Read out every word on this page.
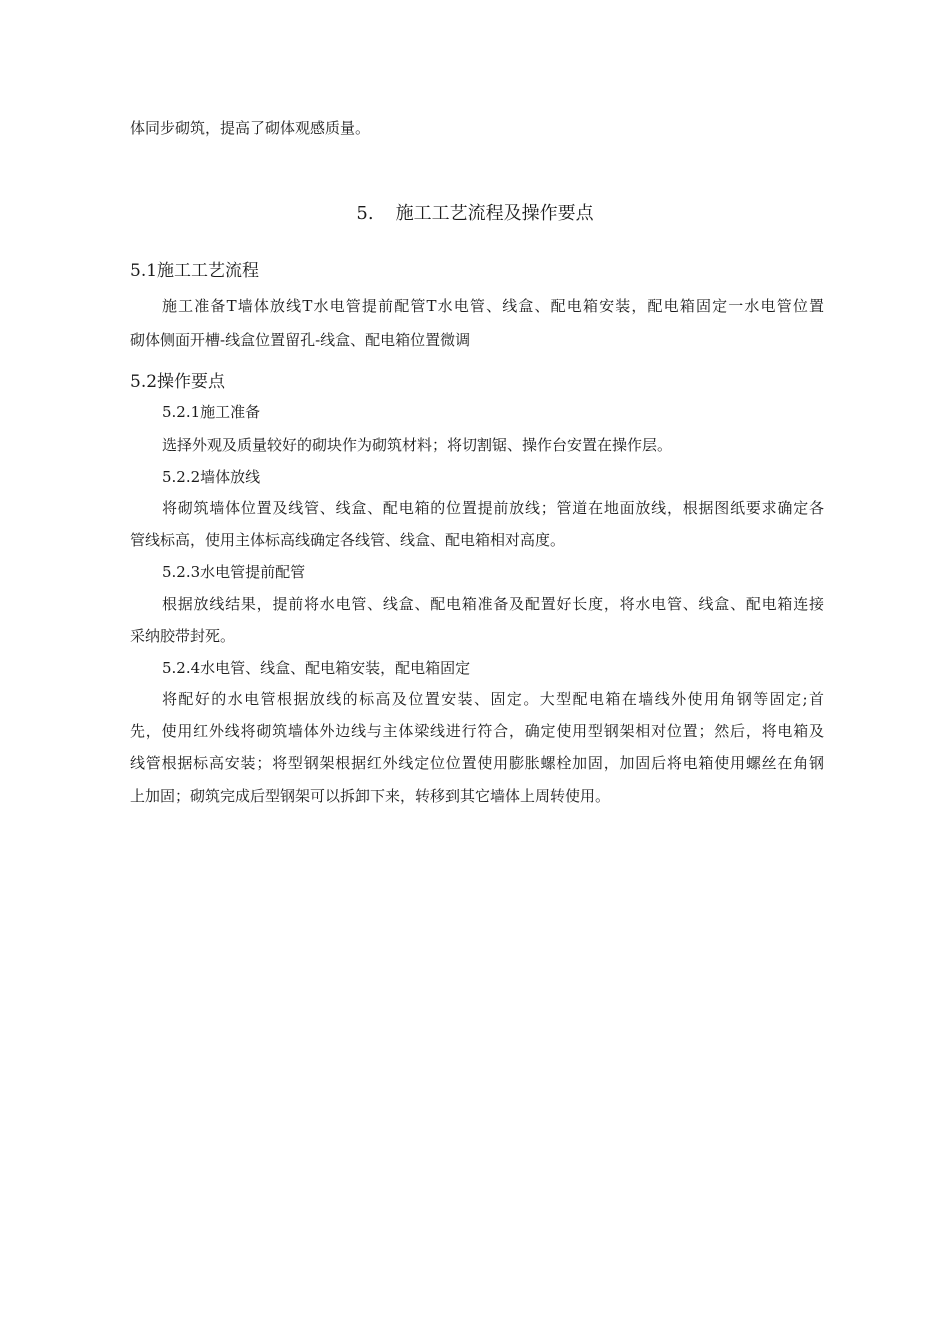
体同步砌筑，提高了砌体观感质量。
5. 施工工艺流程及操作要点
5.1施工工艺流程
施工准备T墙体放线T水电管提前配管T水电管、线盒、配电箱安装，配电箱固定一水电管位置
砌体侧面开槽-线盒位置留孔-线盒、配电箱位置微调
5.2操作要点
5.2.1施工准备
选择外观及质量较好的砌块作为砌筑材料；将切割锯、操作台安置在操作层。
5.2.2墙体放线
将砌筑墙体位置及线管、线盒、配电箱的位置提前放线；管道在地面放线，根据图纸要求确定各
管线标高，使用主体标高线确定各线管、线盒、配电箱相对高度。
5.2.3水电管提前配管
根据放线结果，提前将水电管、线盒、配电箱准备及配置好长度，将水电管、线盒、配电箱连接
采纳胶带封死。
5.2.4水电管、线盒、配电箱安装，配电箱固定
将配好的水电管根据放线的标高及位置安装、固定。大型配电箱在墙线外使用角钢等固定;首
先，使用红外线将砌筑墙体外边线与主体梁线进行符合，确定使用型钢架相对位置；然后，将电箱及
线管根据标高安装；将型钢架根据红外线定位位置使用膨胀螺栓加固，加固后将电箱使用螺丝在角钢
上加固；砌筑完成后型钢架可以拆卸下来，转移到其它墙体上周转使用。
